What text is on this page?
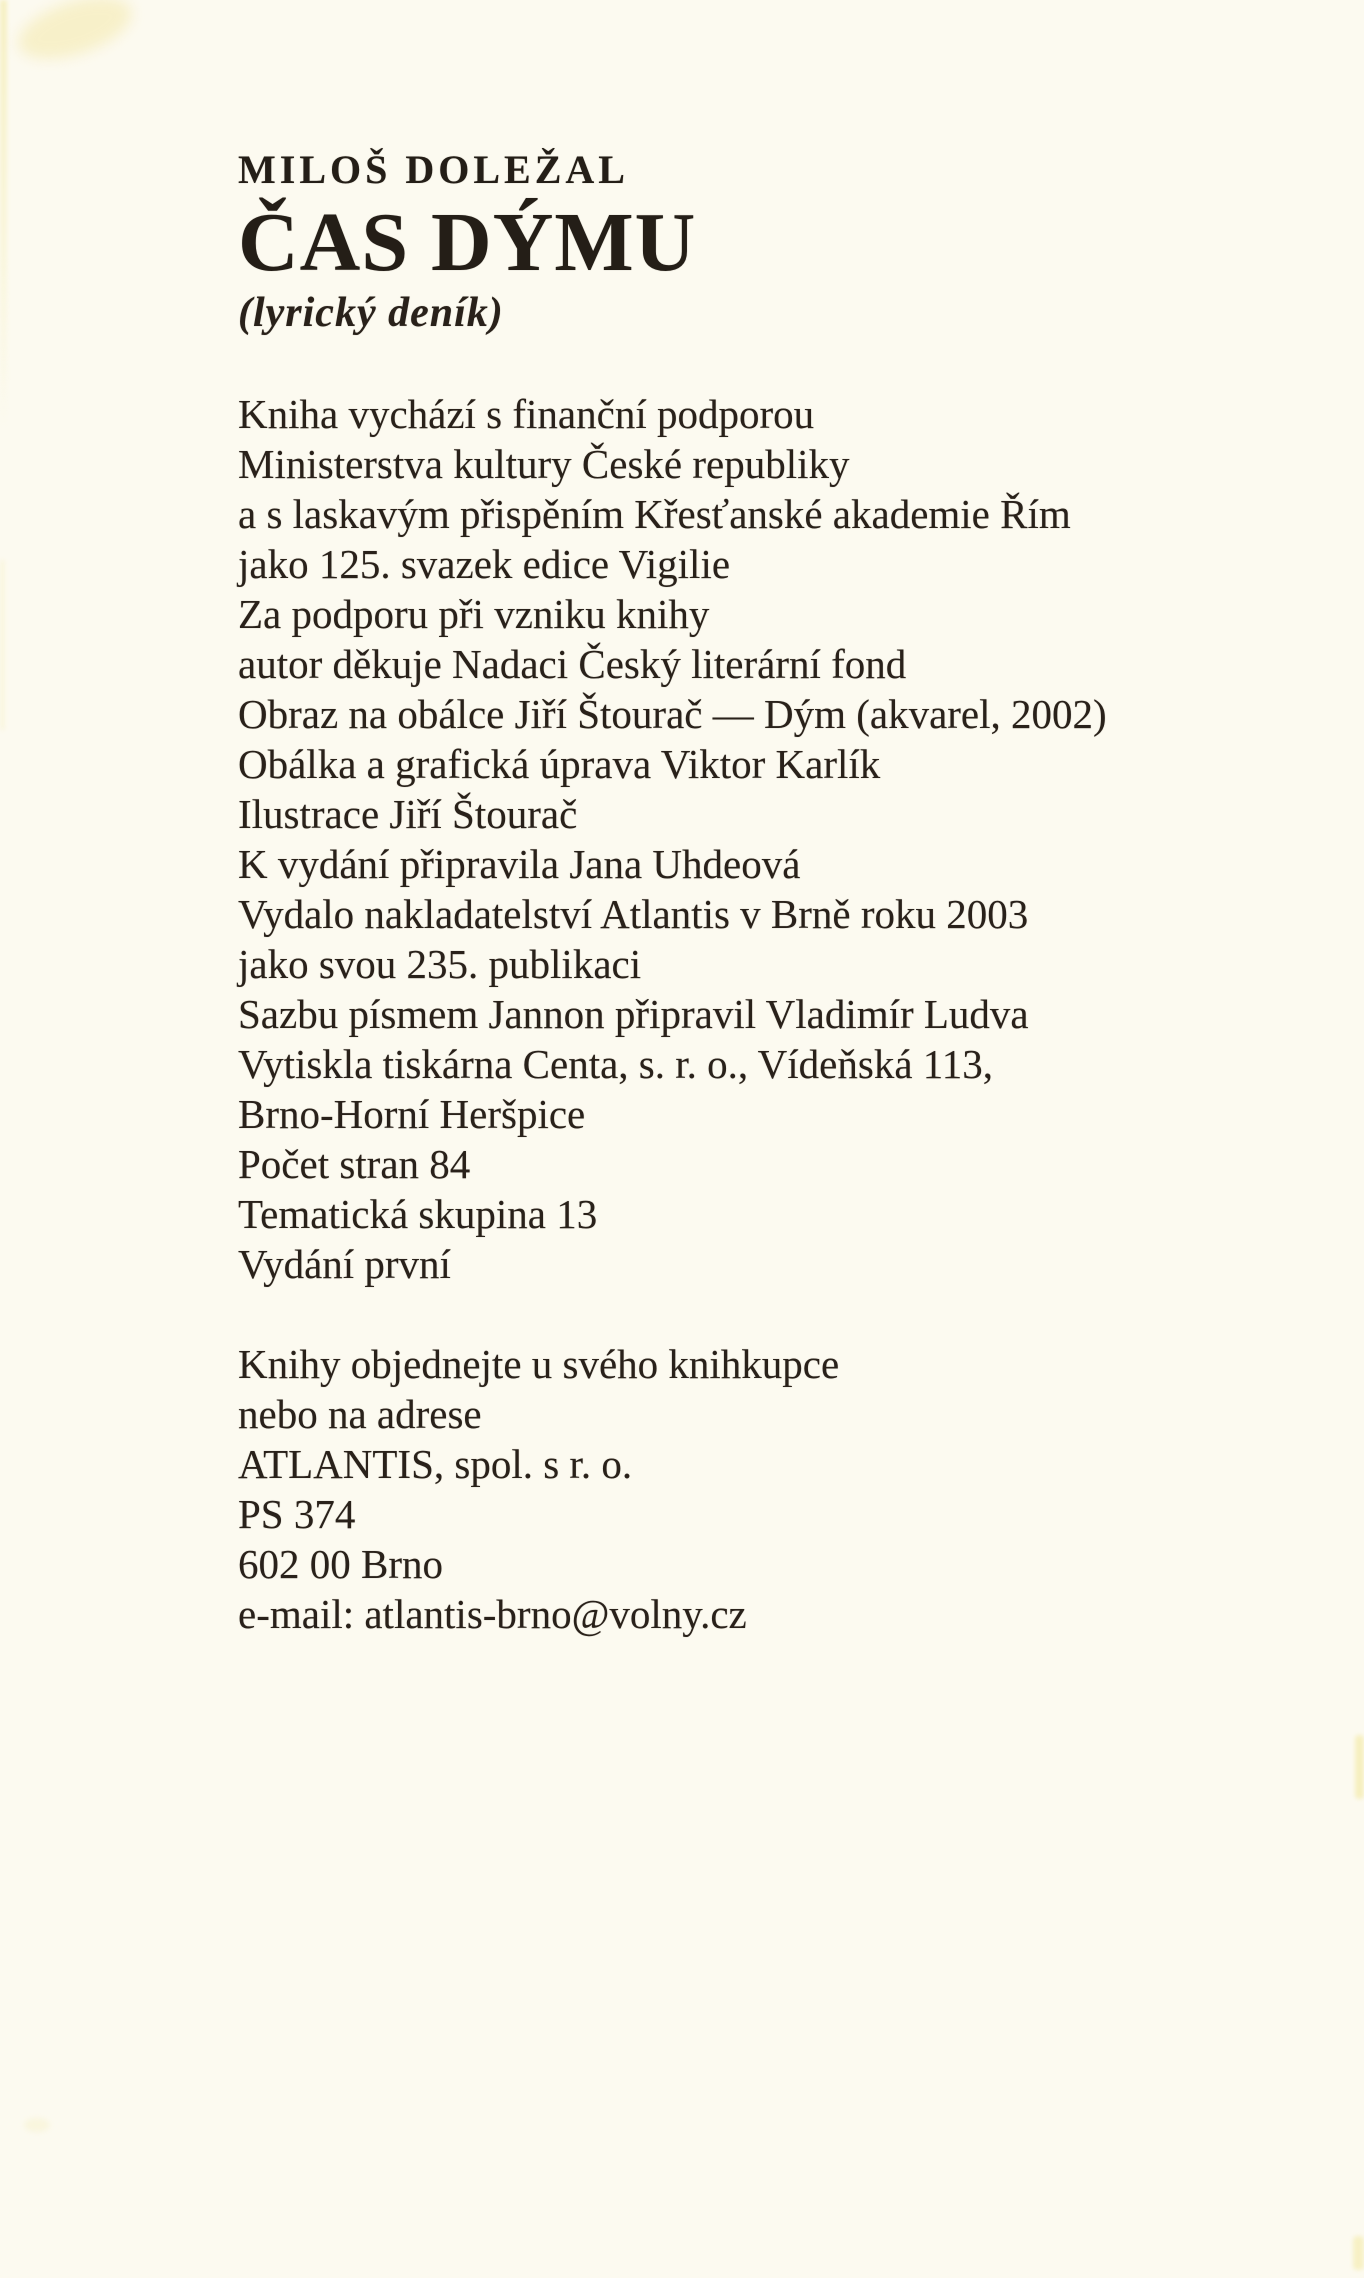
MILOŠ DOLEŽAL
ČAS DÝMU
(lyrický deník)
Kniha vychází s finanční podporou
Ministerstva kultury České republiky
a s laskavým přispěním Křesťanské akademie Řím
jako 125. svazek edice Vigilie
Za podporu při vzniku knihy
autor děkuje Nadaci Český literární fond
Obraz na obálce Jiří Štourač — Dým (akvarel, 2002)
Obálka a grafická úprava Viktor Karlík
Ilustrace Jiří Štourač
K vydání připravila Jana Uhdeová
Vydalo nakladatelství Atlantis v Brně roku 2003
jako svou 235. publikaci
Sazbu písmem Jannon připravil Vladimír Ludva
Vytiskla tiskárna Centa, s. r. o., Vídeňská 113,
Brno-Horní Heršpice
Počet stran 84
Tematická skupina 13
Vydání první
Knihy objednejte u svého knihkupce
nebo na adrese
ATLANTIS, spol. s r. o.
PS 374
602 00 Brno
e-mail: atlantis-brno@volny.cz
